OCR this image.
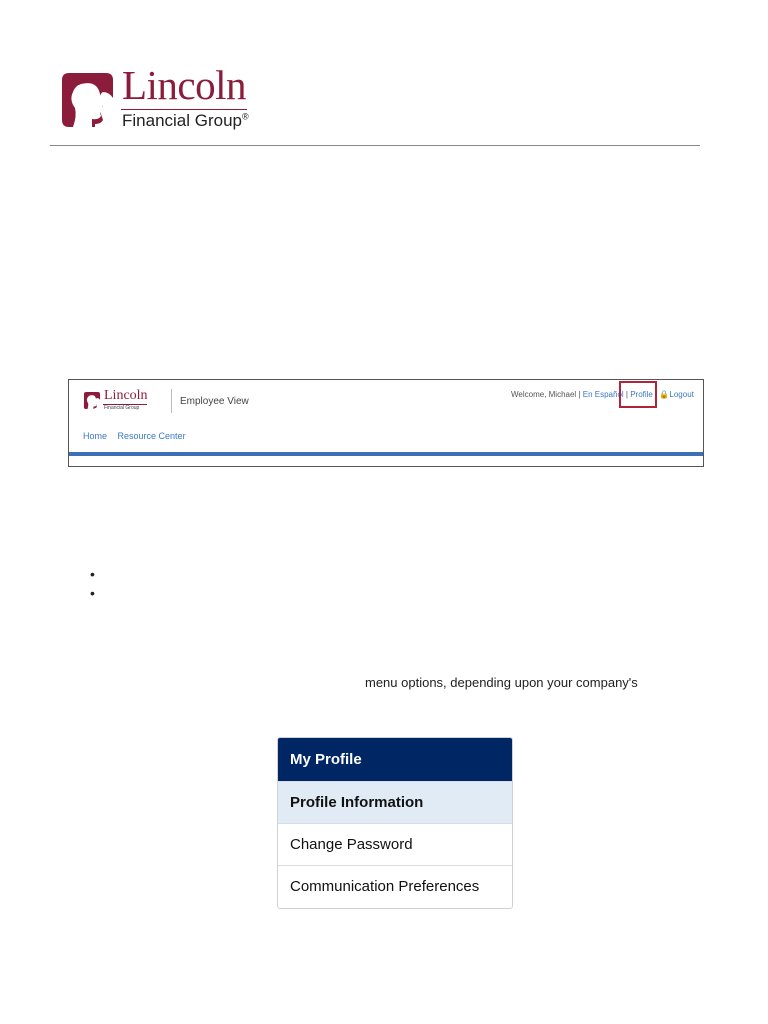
Lincoln
Financial Group®
Lincoln
Financial Group
Employee View
Welcome, Michael | En Español | Profile | 🔒Logout
Home Resource Center
•
•
menu options, depending upon your company's
My Profile
Profile Information
Change Password
Communication Preferences
